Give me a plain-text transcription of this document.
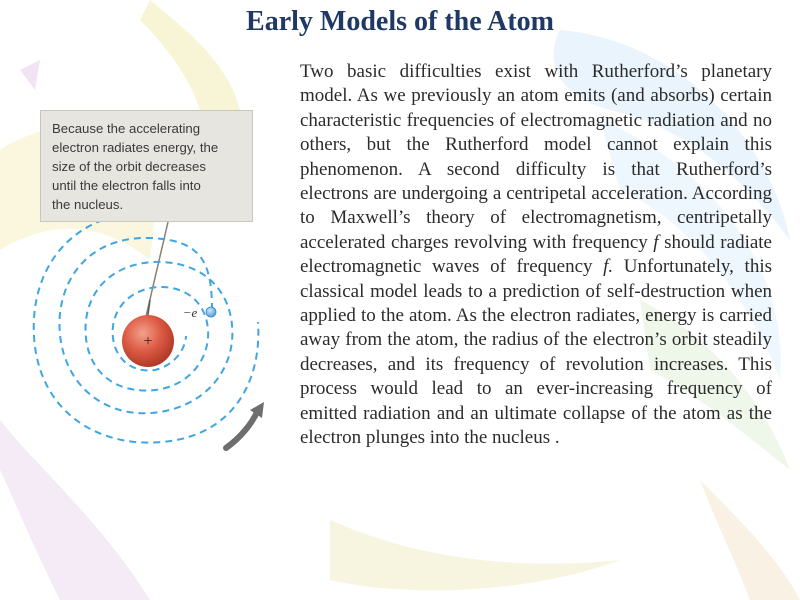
Early Models of the Atom
+
−e

Because the accelerating

electron radiates energy, the

size of the orbit decreases

until the electron falls into

the nucleus.

Two basic difficulties exist with Rutherford’s planetary model. As we previously an atom emits (and absorbs) certain characteristic frequencies of electromagnetic radiation and no others, but the Rutherford model cannot explain this phenomenon. A second difficulty is that Rutherford’s electrons are undergoing a centripetal acceleration. According to Maxwell’s theory of electromagnetism, centripetally accelerated charges revolving with frequency f should radiate electromagnetic waves of frequency f. Unfortunately, this classical model leads to a prediction of self-destruction when applied to the atom. As the electron radiates, energy is carried away from the atom, the radius of the electron’s orbit steadily decreases, and its frequency of revolution increases. This process would lead to an ever-increasing frequency of emitted radiation and an ultimate collapse of the atom as the electron plunges into the nucleus .
